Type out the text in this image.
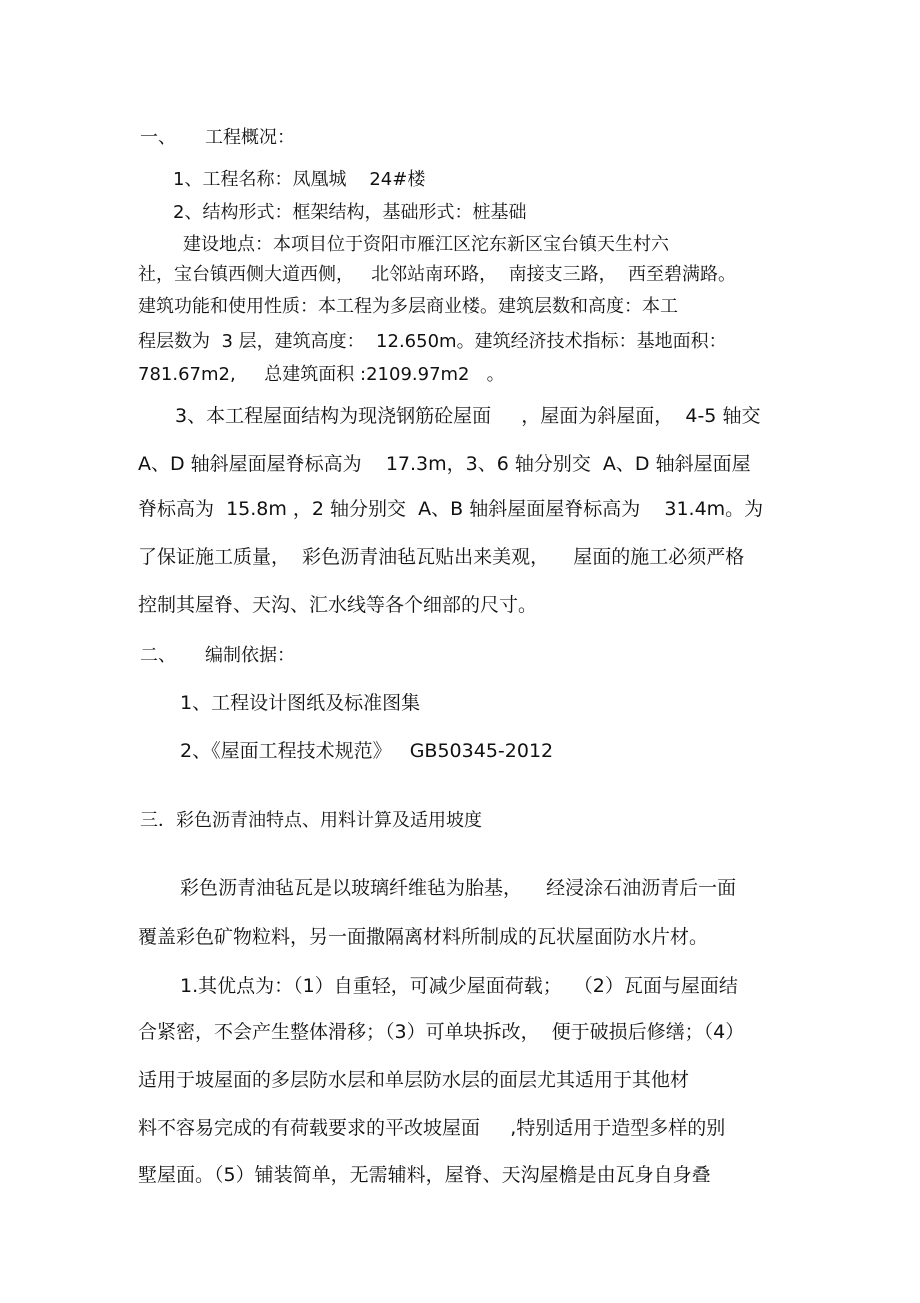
一、 工程概况：

1、工程名称：凤凰城    24#楼

2、结构形式：框架结构，基础形式：桩基础

建设地点：本项目位于资阳市雁江区沱东新区宝台镇天生村六

社，宝台镇西侧大道西侧，   北邻站南环路，  南接支三路，  西至碧满路。

建筑功能和使用性质：本工程为多层商业楼。建筑层数和高度：本工

程层数为  3 层，建筑高度：  12.650m。建筑经济技术指标：基地面积：

781.67m2,     总建筑面积 :2109.97m2   。

3、本工程屋面结构为现浇钢筋砼屋面     ，屋面为斜屋面，  4-5 轴交

A、D 轴斜屋面屋脊标高为    17.3m，3、6 轴分别交  A、D 轴斜屋面屋

脊标高为  15.8m ，2 轴分别交  A、B 轴斜屋面屋脊标高为    31.4m。为

了保证施工质量，  彩色沥青油毡瓦贴出来美观，    屋面的施工必须严格

控制其屋脊、天沟、汇水线等各个细部的尺寸。

二、 编制依据：

1、工程设计图纸及标准图集

2、《屋面工程技术规范》   GB50345-2012

三．彩色沥青油特点、用料计算及适用坡度

彩色沥青油毡瓦是以玻璃纤维毡为胎基，    经浸涂石油沥青后一面

覆盖彩色矿物粒料，另一面撒隔离材料所制成的瓦状屋面防水片材。

1.其优点为：（1）自重轻，可减少屋面荷载；  （2）瓦面与屋面结

合紧密，不会产生整体滑移；（3）可单块拆改，  便于破损后修缮；（4）

适用于坡屋面的多层防水层和单层防水层的面层尤其适用于其他材

料不容易完成的有荷载要求的平改坡屋面     ,特别适用于造型多样的别

墅屋面。（5）铺装简单，无需辅料，屋脊、天沟屋檐是由瓦身自身叠
